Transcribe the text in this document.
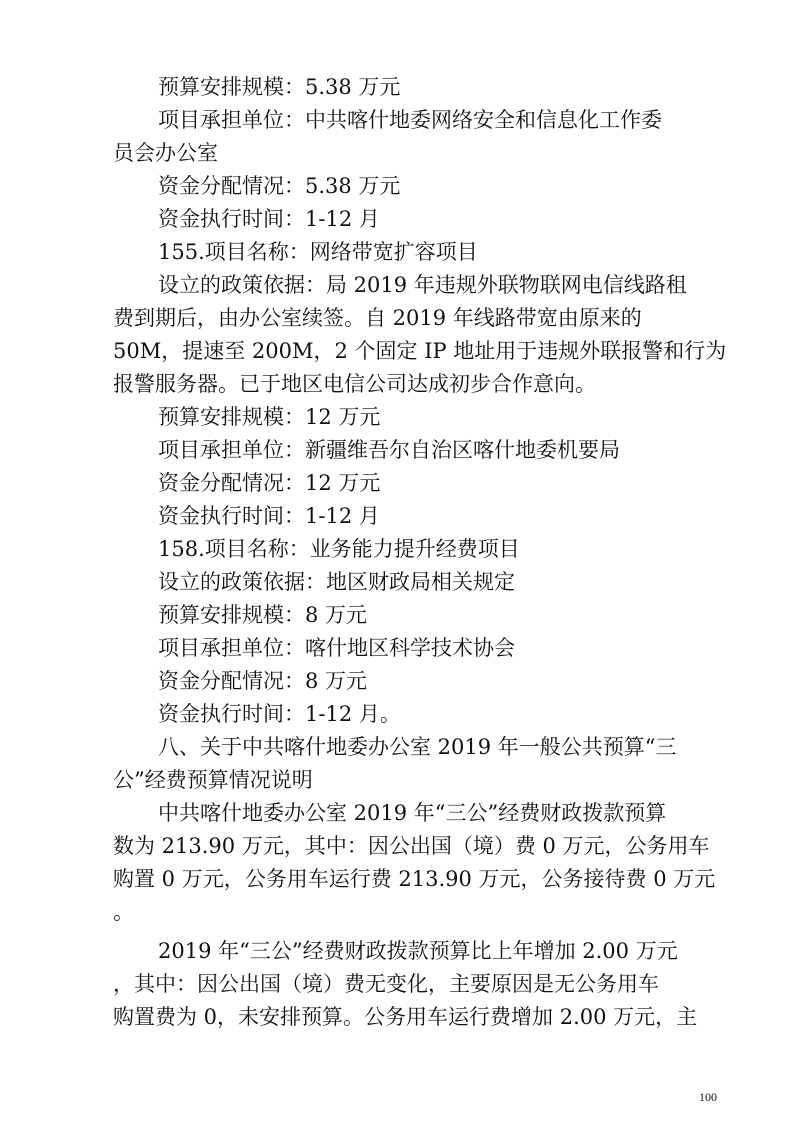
预算安排规模：5.38 万元
项目承担单位：中共喀什地委网络安全和信息化工作委
员会办公室
资金分配情况：5.38 万元
资金执行时间：1-12 月
155.项目名称：网络带宽扩容项目
设立的政策依据：局 2019 年违规外联物联网电信线路租
费到期后，由办公室续签。自 2019 年线路带宽由原来的
50M，提速至 200M，2 个固定 IP 地址用于违规外联报警和行为
报警服务器。已于地区电信公司达成初步合作意向。
预算安排规模：12 万元
项目承担单位：新疆维吾尔自治区喀什地委机要局
资金分配情况：12 万元
资金执行时间：1-12 月
158.项目名称：业务能力提升经费项目
设立的政策依据：地区财政局相关规定
预算安排规模：8 万元
项目承担单位：喀什地区科学技术协会
资金分配情况：8 万元
资金执行时间：1-12 月。
八、关于中共喀什地委办公室 2019 年一般公共预算“三
公”经费预算情况说明
中共喀什地委办公室 2019 年“三公”经费财政拨款预算
数为 213.90 万元，其中：因公出国（境）费 0 万元，公务用车
购置 0 万元，公务用车运行费 213.90 万元，公务接待费 0 万元
。
2019 年“三公”经费财政拨款预算比上年增加 2.00 万元
，其中：因公出国（境）费无变化，主要原因是无公务用车
购置费为 0，未安排预算。公务用车运行费增加 2.00 万元，主
100
